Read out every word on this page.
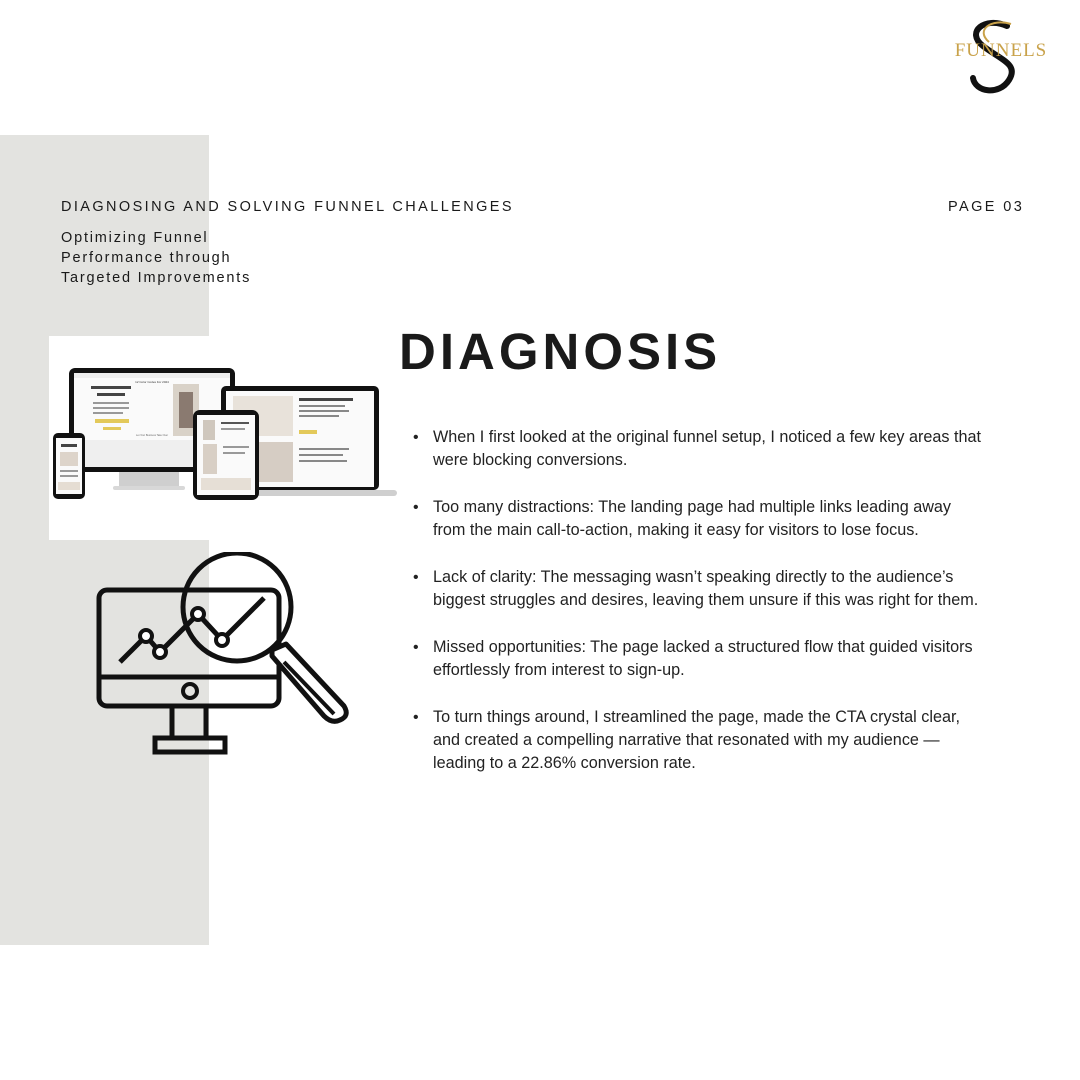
FUNNELS
DIAGNOSING AND SOLVING FUNNEL CHALLENGES	PAGE 03
Optimizing Funnel
Performance through
Targeted Improvements
12 Color Codes For 2024
Let Your Business Take Over
DIAGNOSIS
• When I first looked at the original funnel setup, I noticed a few key areas that were blocking conversions.
• Too many distractions: The landing page had multiple links leading away from the main call-to-action, making it easy for visitors to lose focus.
• Lack of clarity: The messaging wasn’t speaking directly to the audience’s biggest struggles and desires, leaving them unsure if this was right for them.
• Missed opportunities: The page lacked a structured flow that guided visitors effortlessly from interest to sign-up.
• To turn things around, I streamlined the page, made the CTA crystal clear, and created a compelling narrative that resonated with my audience — leading to a 22.86% conversion rate.
